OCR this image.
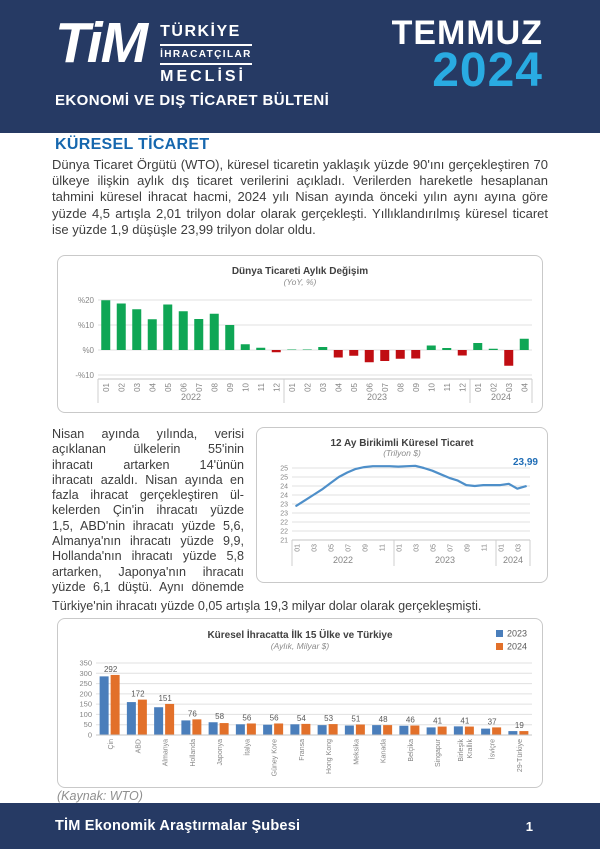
TiM TÜRKİYE
İHRACATÇILAR
MECLİSİ
EKONOMİ VE DIŞ TİCARET BÜLTENİ
TEMMUZ
2024
KÜRESEL TİCARET

Dünya Ticaret Örgütü (WTO), küresel ticaretin yaklaşık yüzde 90'ını gerçekleştiren 70 ülkeye ilişkin aylık dış ticaret verilerini açıkladı. Verilerden hareketle hesaplanan tahmini küresel ihracat hacmi, 2024 yılı Nisan ayında önceki yılın aynı ayına göre yüzde 4,5 artışla 2,01 trilyon dolar olarak gerçekleşti. Yıllıklandırılmış küresel ticaret ise yüzde 1,9 düşüşle 23,99 trilyon dolar oldu.

Dünya Ticareti Aylık Değişim
(YoY, %)
%20
%10
%0
-%10
01 02 03 04 05 06 07 08 09 10 11 12
2022
01 02 03 04 05 06 07 08 09 10 11 12
2023
01 02 03 04
2024
12 Ay Birikimli Küresel Ticaret
(Trilyon $)
25
25
24
24
23
23
22
22
21
23,99
01 03 05 07 09 11
2022
01 03 05 07 09 11
2023
01 03
2024

Nisan ayında yılında, verisi
açıklanan ülkelerin 55'inin
ihracatı artarken 14'ünün
ihracatı azaldı. Nisan ayında en
fazla ihracat gerçekleştiren ül-
kelerden Çin'in ihracatı yüzde
1,5, ABD'nin ihracatı yüzde 5,6,
Almanya'nın ihracatı yüzde 9,9,
Hollanda'nın ihracatı yüzde 5,8
artarken, Japonya'nın ihracatı
yüzde 6,1 düştü. Aynı dönemde

Türkiye'nin ihracatı yüzde 0,05 artışla 19,3 milyar dolar olarak gerçekleşmişti.

Küresel İhracatta İlk 15 Ülke ve Türkiye
(Aylık, Milyar $)
2023
2024
0
50
100
150
200
250
300
350
292
Çin
172
ABD
151
Almanya
76
Hollanda
58
Japonya
56
İtalya
56
Güney Kore
54
Fransa
53
Hong Kong
51
Meksika
48
Kanada
46
Belçika
41
Singapur
41
Birleşik Krallık
37
İsviçre
19
29-Türkiye

(Kaynak: WTO)

TİM Ekonomik Araştırmalar Şubesi	1
